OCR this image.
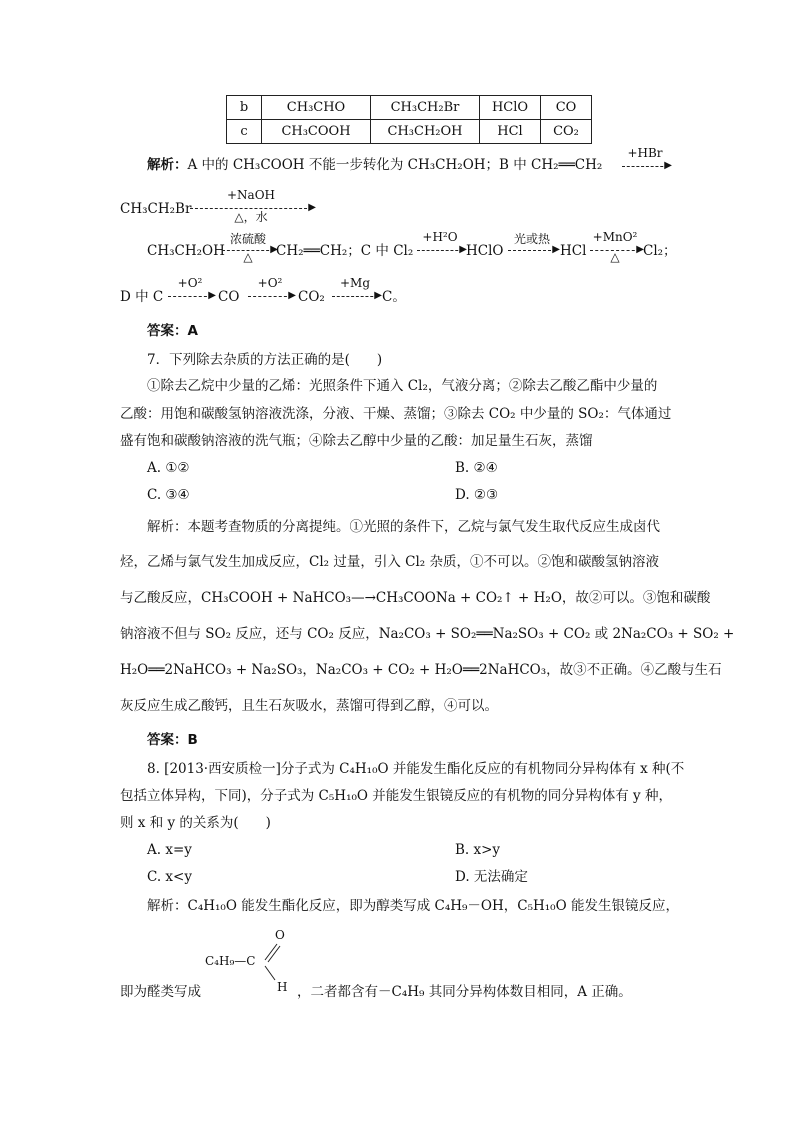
b	CH₃CHO	CH₃CH₂Br	HClO	CO
c	CH₃COOH	CH₃CH₂OH	HCl	CO₂
解析：A 中的 CH₃COOH 不能一步转化为 CH₃CH₂OH；B 中 CH₂══CH₂
+HBr
▶
CH₃CH₂Br
+NaOH
▶
△，水
CH₃CH₂OH
浓硫酸
▶
△	CH₂══CH₂；C 中 Cl₂
+H²O
▶ HClO
光或热
▶ HCl
+MnO²
▶
△	Cl₂；
D 中 C
+O²
▶ CO
+O²
▶ CO₂
+Mg
▶ C。
答案：A
7．下列除去杂质的方法正确的是(　　)
①除去乙烷中少量的乙烯：光照条件下通入 Cl₂，气液分离；②除去乙酸乙酯中少量的
乙酸：用饱和碳酸氢钠溶液洗涤，分液、干燥、蒸馏；③除去 CO₂ 中少量的 SO₂：气体通过
盛有饱和碳酸钠溶液的洗气瓶；④除去乙醇中少量的乙酸：加足量生石灰，蒸馏
A. ①②	B. ②④
C. ③④	D. ②③
解析：本题考查物质的分离提纯。①光照的条件下，乙烷与氯气发生取代反应生成卤代
烃，乙烯与氯气发生加成反应，Cl₂ 过量，引入 Cl₂ 杂质，①不可以。②饱和碳酸氢钠溶液
与乙酸反应，CH₃COOH + NaHCO₃—→CH₃COONa + CO₂↑ + H₂O，故②可以。③饱和碳酸
钠溶液不但与 SO₂ 反应，还与 CO₂ 反应，Na₂CO₃ + SO₂══Na₂SO₃ + CO₂ 或 2Na₂CO₃ + SO₂ +
H₂O══2NaHCO₃ + Na₂SO₃，Na₂CO₃ + CO₂ + H₂O══2NaHCO₃，故③不正确。④乙酸与生石
灰反应生成乙酸钙，且生石灰吸水，蒸馏可得到乙醇，④可以。
答案：B
8. [2013·西安质检一]分子式为 C₄H₁₀O 并能发生酯化反应的有机物同分异构体有 x 种(不
包括立体异构，下同)，分子式为 C₅H₁₀O 并能发生银镜反应的有机物的同分异构体有 y 种，
则 x 和 y 的关系为(　　)
A. x=y	B. x>y
C. x<y	D. 无法确定
解析：C₄H₁₀O 能发生酯化反应，即为醇类写成 C₄H₉－OH，C₅H₁₀O 能发生银镜反应，
即为醛类写成
C₄H₉—C
O
H ，二者都含有－C₄H₉ 其同分异构体数目相同，A 正确。
